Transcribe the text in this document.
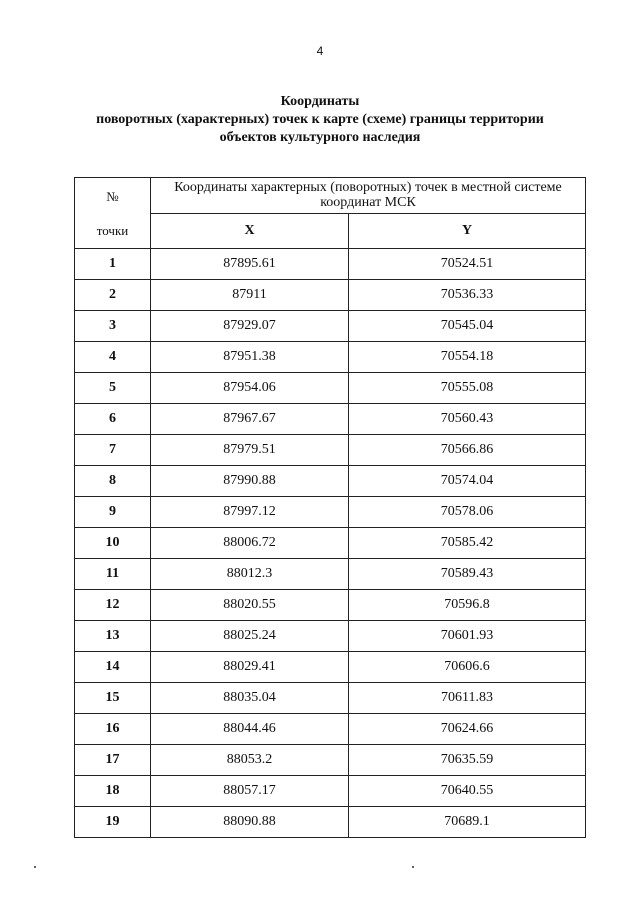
4
Координаты
поворотных (характерных) точек к карте (схеме) границы территории
объектов культурного наследия
№
точки	Координаты характерных (поворотных) точек в местной системе координат МСК	
	X	Y
1	87895.61	70524.51
2	87911	70536.33
3	87929.07	70545.04
4	87951.38	70554.18
5	87954.06	70555.08
6	87967.67	70560.43
7	87979.51	70566.86
8	87990.88	70574.04
9	87997.12	70578.06
10	88006.72	70585.42
11	88012.3	70589.43
12	88020.55	70596.8
13	88025.24	70601.93
14	88029.41	70606.6
15	88035.04	70611.83
16	88044.46	70624.66
17	88053.2	70635.59
18	88057.17	70640.55
19	88090.88	70689.1
